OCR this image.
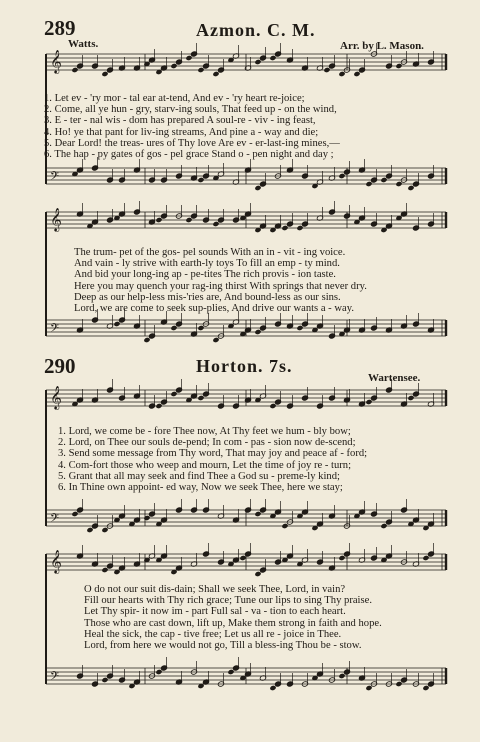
289	Azmon. C. M.
Watts.	Arr. by L. Mason.
𝄞
𝄢
1. Let ev - 'ry mor - tal ear at-tend, And ev - 'ry heart re-joice;
2. Come, all ye hun - gry, starv-ing souls, That feed up - on the wind,
3. E - ter - nal wis - dom has prepared A soul-re - viv - ing feast,
4. Ho! ye that pant for liv-ing streams, And pine a - way and die;
5. Dear Lord! the treas- ures of Thy love Are ev - er-last-ing mines,—
6. The hap - py gates of gos - pel grace Stand o - pen night and day ;
𝄞
𝄢
The trum- pet of the gos- pel sounds With an in - vit - ing voice.
And vain - ly strive with earth-ly toys To fill an emp - ty mind.
And bid your long-ing ap - pe-tites The rich provis - ion taste.
Here you may quench your rag-ing thirst With springs that never dry.
Deep as our help-less mis-'ries are, And bound-less as our sins.
Lord, we are come to seek sup-plies, And drive our wants a - way.
290	Horton. 7s.
Wartensee.
𝄞
𝄢
1. Lord, we come be - fore Thee now, At Thy feet we hum - bly bow;
2. Lord, on Thee our souls de-pend; In com - pas - sion now de-scend;
3. Send some message from Thy word, That may joy and peace af - ford;
4. Com-fort those who weep and mourn, Let the time of joy re - turn;
5. Grant that all may seek and find Thee a God su - preme-ly kind;
6. In Thine own appoint- ed way, Now we seek Thee, here we stay;
𝄞
𝄢
O do not our suit dis-dain; Shall we seek Thee, Lord, in vain?
Fill our hearts with Thy rich grace; Tune our lips to sing Thy praise.
Let Thy spir- it now im - part Full sal - va - tion to each heart.
Those who are cast down, lift up, Make them strong in faith and hope.
Heal the sick, the cap - tive free; Let us all re - joice in Thee.
Lord, from here we would not go, Till a bless-ing Thou be - stow.
